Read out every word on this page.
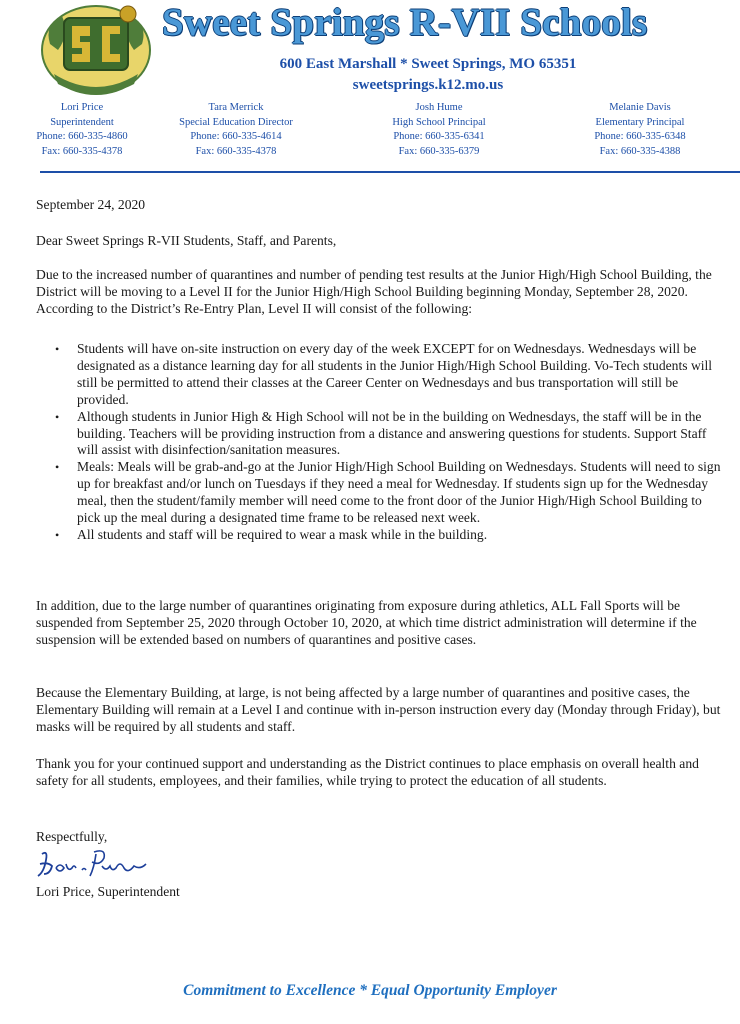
Sweet Springs R-VII Schools
600 East Marshall * Sweet Springs, MO 65351
sweetsprings.k12.mo.us
Lori Price
Superintendent
Phone: 660-335-4860
Fax: 660-335-4378
Tara Merrick
Special Education Director
Phone: 660-335-4614
Fax: 660-335-4378
Josh Hume
High School Principal
Phone: 660-335-6341
Fax: 660-335-6379
Melanie Davis
Elementary Principal
Phone: 660-335-6348
Fax: 660-335-4388
September 24, 2020
Dear Sweet Springs R-VII Students, Staff, and Parents,
Due to the increased number of quarantines and number of pending test results at the Junior High/High School Building, the District will be moving to a Level II for the Junior High/High School Building beginning Monday, September 28, 2020. According to the District’s Re-Entry Plan, Level II will consist of the following:
• Students will have on-site instruction on every day of the week EXCEPT for on Wednesdays. Wednesdays will be designated as a distance learning day for all students in the Junior High/High School Building. Vo-Tech students will still be permitted to attend their classes at the Career Center on Wednesdays and bus transportation will still be provided.
• Although students in Junior High & High School will not be in the building on Wednesdays, the staff will be in the building. Teachers will be providing instruction from a distance and answering questions for students. Support Staff will assist with disinfection/sanitation measures.
• Meals: Meals will be grab-and-go at the Junior High/High School Building on Wednesdays. Students will need to sign up for breakfast and/or lunch on Tuesdays if they need a meal for Wednesday. If students sign up for the Wednesday meal, then the student/family member will need come to the front door of the Junior High/High School Building to pick up the meal during a designated time frame to be released next week.
• All students and staff will be required to wear a mask while in the building.
In addition, due to the large number of quarantines originating from exposure during athletics, ALL Fall Sports will be suspended from September 25, 2020 through October 10, 2020, at which time district administration will determine if the suspension will be extended based on numbers of quarantines and positive cases.
Because the Elementary Building, at large, is not being affected by a large number of quarantines and positive cases, the Elementary Building will remain at a Level I and continue with in-person instruction every day (Monday through Friday), but masks will be required by all students and staff.
Thank you for your continued support and understanding as the District continues to place emphasis on overall health and safety for all students, employees, and their families, while trying to protect the education of all students.
Respectfully,
Lori Price, Superintendent
Commitment to Excellence * Equal Opportunity Employer
